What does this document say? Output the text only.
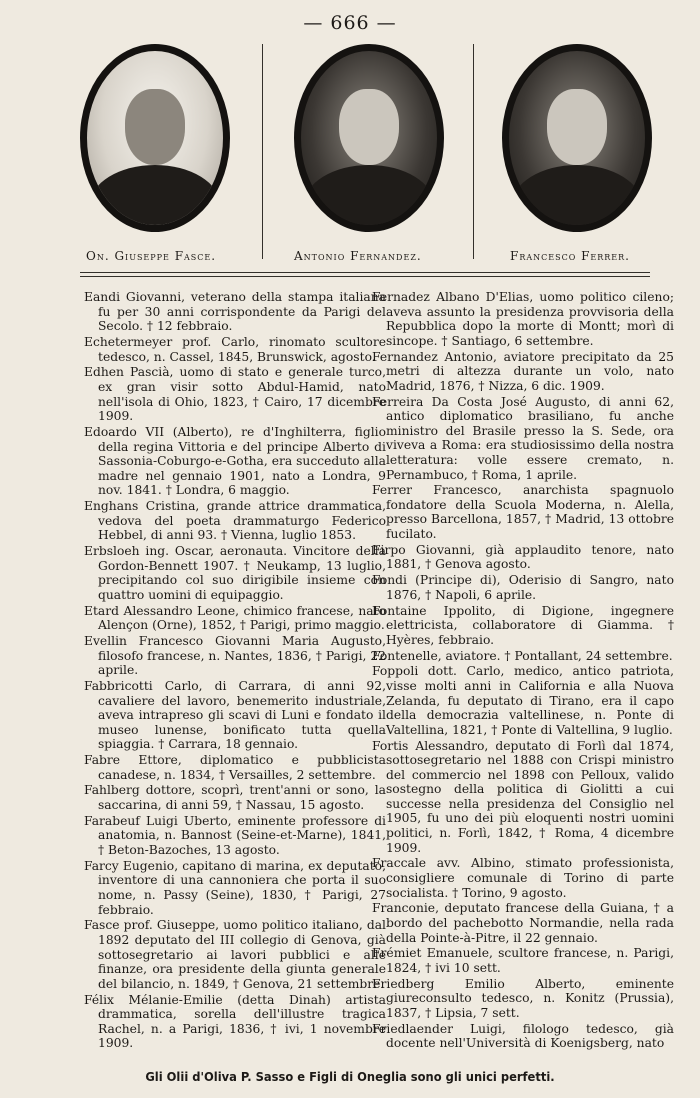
— 666 —
On. Giuseppe Fasce.	Antonio Fernandez.	Francesco Ferrer.

Eandi Giovanni, veterano della stampa italiana fu per 30 anni corrispondente da Parigi del Secolo. † 12 febbraio.

Echetermeyer prof. Carlo, rinomato scultore tedesco, n. Cassel, 1845, Brunswick, agosto.

Edhen Pascià, uomo di stato e generale turco, ex gran visir sotto Abdul-Hamid, nato nell'isola di Ohio, 1823, † Cairo, 17 dicembre 1909.

Edoardo VII (Alberto), re d'Inghilterra, figlio della regina Vittoria e del principe Alberto di Sassonia-Coburgo-e-Gotha, era succeduto alla madre nel gennaio 1901, nato a Londra, 9 nov. 1841. † Londra, 6 maggio.

Enghans Cristina, grande attrice drammatica, vedova del poeta drammaturgo Federico Hebbel, di anni 93. † Vienna, luglio 1853.

Erbsloeh ing. Oscar, aeronauta. Vincitore della Gordon-Bennett 1907. † Neukamp, 13 luglio, precipitando col suo dirigibile insieme con quattro uomini di equipaggio.

Etard Alessandro Leone, chimico francese, nato Alençon (Orne), 1852, † Parigi, primo maggio.

Evellin Francesco Giovanni Maria Augusto, filosofo francese, n. Nantes, 1836, † Parigi, 22 aprile.

Fabbricotti Carlo, di Carrara, di anni 92, cavaliere del lavoro, benemerito industriale, aveva intrapreso gli scavi di Luni e fondato il museo lunense, bonificato tutta quella spiaggia. † Carrara, 18 gennaio.

Fabre Ettore, diplomatico e pubblicista canadese, n. 1834, † Versailles, 2 settembre.

Fahlberg dottore, scoprì, trent'anni or sono, la saccarina, di anni 59, † Nassau, 15 agosto.

Farabeuf Luigi Uberto, eminente professore di anatomia, n. Bannost (Seine-et-Marne), 1841, † Beton-Bazoches, 13 agosto.

Farcy Eugenio, capitano di marina, ex deputato, inventore di una cannoniera che porta il suo nome, n. Passy (Seine), 1830, † Parigi, 27 febbraio.

Fasce prof. Giuseppe, uomo politico italiano, dal 1892 deputato del III collegio di Genova, già sottosegretario ai lavori pubblici e alle finanze, ora presidente della giunta generale del bilancio, n. 1849, † Genova, 21 settembre.

Félix Mélanie-Emilie (detta Dinah) artista drammatica, sorella dell'illustre tragica Rachel, n. a Parigi, 1836, † ivi, 1 novembre 1909.

Fernadez Albano D'Elias, uomo politico cileno; aveva assunto la presidenza provvisoria della Repubblica dopo la morte di Montt; morì di sincope. † Santiago, 6 settembre.

Fernandez Antonio, aviatore precipitato da 25 metri di altezza durante un volo, nato Madrid, 1876, † Nizza, 6 dic. 1909.

Ferreira Da Costa José Augusto, di anni 62, antico diplomatico brasiliano, fu anche ministro del Brasile presso la S. Sede, ora viveva a Roma: era studiosissimo della nostra letteratura: volle essere cremato, n. Pernambuco, † Roma, 1 aprile.

Ferrer Francesco, anarchista spagnuolo fondatore della Scuola Moderna, n. Alella, presso Barcellona, 1857, † Madrid, 13 ottobre fucilato.

Firpo Giovanni, già applaudito tenore, nato 1881, † Genova agosto.

Fondi (Principe di), Oderisio di Sangro, nato 1876, † Napoli, 6 aprile.

Fontaine Ippolito, di Digione, ingegnere elettricista, collaboratore di Giamma. † Hyères, febbraio.

Fontenelle, aviatore. † Pontallant, 24 settembre.

Foppoli dott. Carlo, medico, antico patriota, visse molti anni in California e alla Nuova Zelanda, fu deputato di Tirano, era il capo della democrazia valtellinese, n. Ponte di Valtellina, 1821, † Ponte di Valtellina, 9 luglio.

Fortis Alessandro, deputato di Forlì dal 1874, sottosegretario nel 1888 con Crispi ministro del commercio nel 1898 con Pelloux, valido sostegno della politica di Giolitti a cui successe nella presidenza del Consiglio nel 1905, fu uno dei più eloquenti nostri uomini politici, n. Forlì, 1842, † Roma, 4 dicembre 1909.

Fraccale avv. Albino, stimato professionista, consigliere comunale di Torino di parte socialista. † Torino, 9 agosto.

Franconie, deputato francese della Guiana, † a bordo del pachebotto Normandie, nella rada della Pointe-à-Pitre, il 22 gennaio.

Frémiet Emanuele, scultore francese, n. Parigi, 1824, † ivi 10 sett.

Friedberg Emilio Alberto, eminente giureconsulto tedesco, n. Konitz (Prussia), 1837, † Lipsia, 7 sett.

Friedlaender Luigi, filologo tedesco, già docente nell'Università di Koenigsberg, nato

Gli Olii d'Oliva P. Sasso e Figli di Oneglia sono gli unici perfetti.
